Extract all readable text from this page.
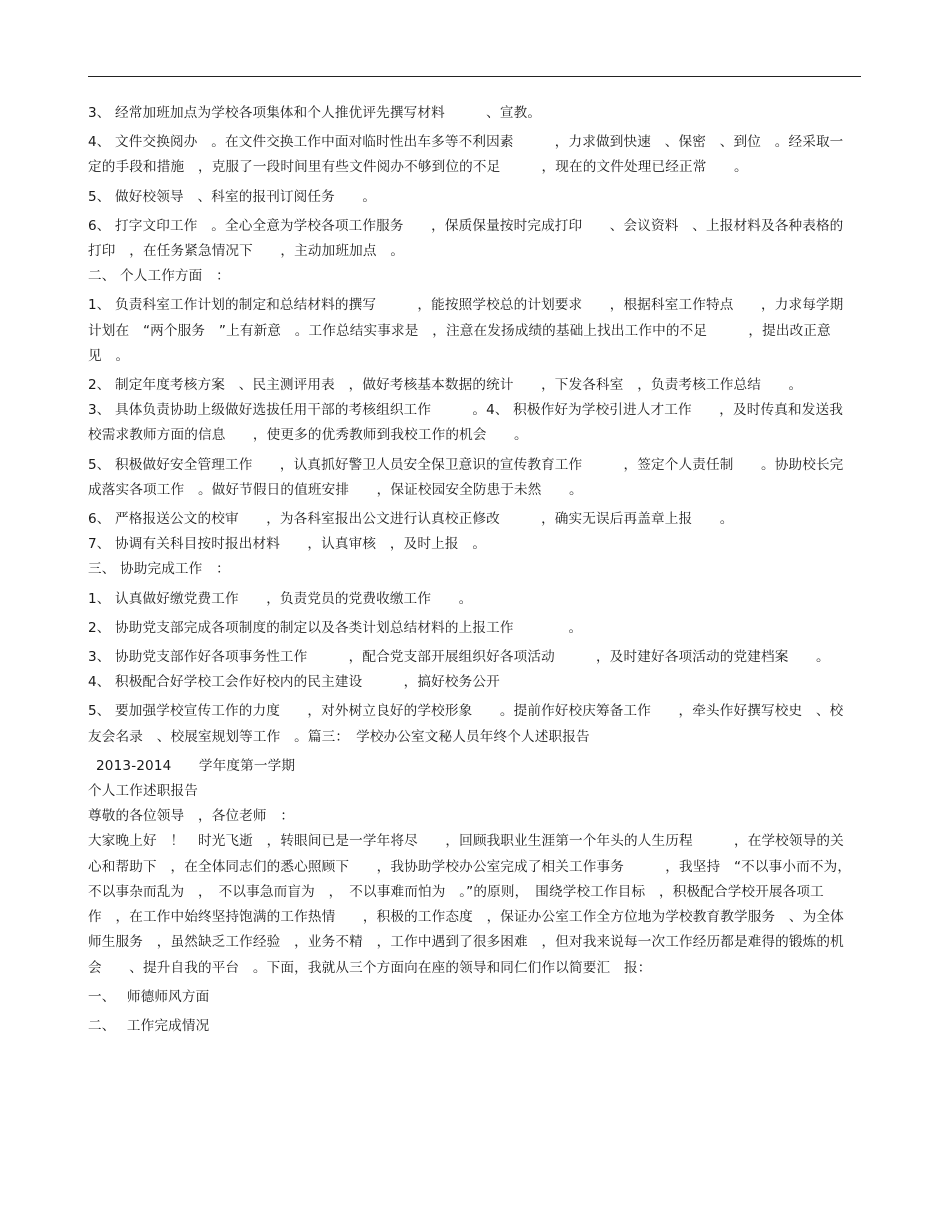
3、 经常加班加点为学校各项集体和个人推优评先撰写材料　　　、宣教。

4、 文件交换阅办　。在文件交换工作中面对临时性出车多等不利因素　　　，力求做到快速　、保密　、到位　。经采取一定的手段和措施　，克服了一段时间里有些文件阅办不够到位的不足　　　，现在的文件处理已经正常　　。

5、 做好校领导　、科室的报刊订阅任务　　。

6、 打字文印工作　。全心全意为学校各项工作服务　　，保质保量按时完成打印　　、会议资料　、上报材料及各种表格的打印　，在任务紧急情况下　　，主动加班加点　。

二、 个人工作方面　：

1、 负责科室工作计划的制定和总结材料的撰写　　　，能按照学校总的计划要求　　，根据科室工作特点　　，力求每学期计划在　“两个服务　”上有新意　。工作总结实事求是　，注意在发扬成绩的基础上找出工作中的不足　　　，提出改正意见　。

2、 制定年度考核方案　、民主测评用表　，做好考核基本数据的统计　　，下发各科室　，负责考核工作总结　　。

3、 具体负责协助上级做好选拔任用干部的考核组织工作　　　。4、 积极作好为学校引进人才工作　　，及时传真和发送我校需求教师方面的信息　　，使更多的优秀教师到我校工作的机会　　。

5、 积极做好安全管理工作　　，认真抓好警卫人员安全保卫意识的宣传教育工作　　　，签定个人责任制　　。协助校长完成落实各项工作　。做好节假日的值班安排　　，保证校园安全防患于未然　　。

6、 严格报送公文的校审　　，为各科室报出公文进行认真校正修改　　　，确实无误后再盖章上报　　。

7、 协调有关科目按时报出材料　　，认真审核　，及时上报　。

三、 协助完成工作　：

1、 认真做好缴党费工作　　，负责党员的党费收缴工作　　。

2、 协助党支部完成各项制度的制定以及各类计划总结材料的上报工作　　　　。

3、 协助党支部作好各项事务性工作　　　，配合党支部开展组织好各项活动　　　，及时建好各项活动的党建档案　　。

4、 积极配合好学校工会作好校内的民主建设　　　，搞好校务公开

5、 要加强学校宣传工作的力度　　，对外树立良好的学校形象　　。提前作好校庆筹备工作　　，牵头作好撰写校史　、校友会名录　、校展室规划等工作　。篇三：　学校办公室文秘人员年终个人述职报告

2013-2014　　学年度第一学期

个人工作述职报告

尊敬的各位领导　，各位老师　：

大家晚上好　！　时光飞逝　，转眼间已是一学年将尽　　，回顾我职业生涯第一个年头的人生历程　　　，在学校领导的关心和帮助下　，在全体同志们的悉心照顾下　　，我协助学校办公室完成了相关工作事务　　　，我坚持　“不以事小而不为，　不以事杂而乱为　，　不以事急而盲为　，　不以事难而怕为　。”的原则，　围绕学校工作目标　，积极配合学校开展各项工作　，在工作中始终坚持饱满的工作热情　　，积极的工作态度　，保证办公室工作全方位地为学校教育教学服务　、为全体师生服务　，虽然缺乏工作经验　，业务不精　，工作中遇到了很多困难　，但对我来说每一次工作经历都是难得的锻炼的机会　　、提升自我的平台　。下面，我就从三个方面向在座的领导和同仁们作以简要汇　报：

一、　 师德师风方面

二、　 工作完成情况
